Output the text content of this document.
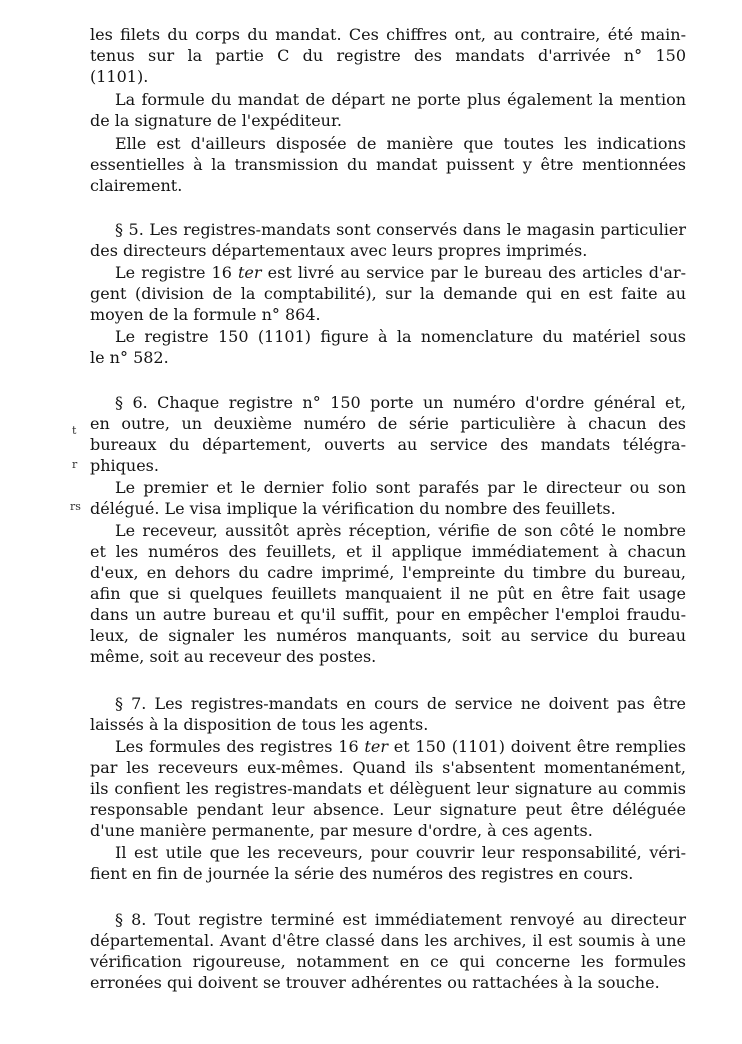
les filets du corps du mandat. Ces chiffres ont, au contraire, été main-
tenus sur la partie C du registre des mandats d'arrivée n° 150
(1101).
La formule du mandat de départ ne porte plus également la mention
de la signature de l'expéditeur.
Elle est d'ailleurs disposée de manière que toutes les indications
essentielles à la transmission du mandat puissent y être mentionnées
clairement.
§ 5. Les registres-mandats sont conservés dans le magasin particulier
des directeurs départementaux avec leurs propres imprimés.
Le registre 16 ter est livré au service par le bureau des articles d'ar-
gent (division de la comptabilité), sur la demande qui en est faite au
moyen de la formule n° 864.
Le registre 150 (1101) figure à la nomenclature du matériel sous
le n° 582.
§ 6. Chaque registre n° 150 porte un numéro d'ordre général et,
en outre, un deuxième numéro de série particulière à chacun des
bureaux du département, ouverts au service des mandats télégra-
phiques.
Le premier et le dernier folio sont parafés par le directeur ou son
délégué. Le visa implique la vérification du nombre des feuillets.
Le receveur, aussitôt après réception, vérifie de son côté le nombre
et les numéros des feuillets, et il applique immédiatement à chacun
d'eux, en dehors du cadre imprimé, l'empreinte du timbre du bureau,
afin que si quelques feuillets manquaient il ne pût en être fait usage
dans un autre bureau et qu'il suffit, pour en empêcher l'emploi fraudu-
leux, de signaler les numéros manquants, soit au service du bureau
même, soit au receveur des postes.
§ 7. Les registres-mandats en cours de service ne doivent pas être
laissés à la disposition de tous les agents.
Les formules des registres 16 ter et 150 (1101) doivent être remplies
par les receveurs eux-mêmes. Quand ils s'absentent momentanément,
ils confient les registres-mandats et délèguent leur signature au commis
responsable pendant leur absence. Leur signature peut être déléguée
d'une manière permanente, par mesure d'ordre, à ces agents.
Il est utile que les receveurs, pour couvrir leur responsabilité, véri-
fient en fin de journée la série des numéros des registres en cours.
§ 8. Tout registre terminé est immédiatement renvoyé au directeur
départemental. Avant d'être classé dans les archives, il est soumis à une
vérification rigoureuse, notamment en ce qui concerne les formules
erronées qui doivent se trouver adhérentes ou rattachées à la souche.
t
r
rs
